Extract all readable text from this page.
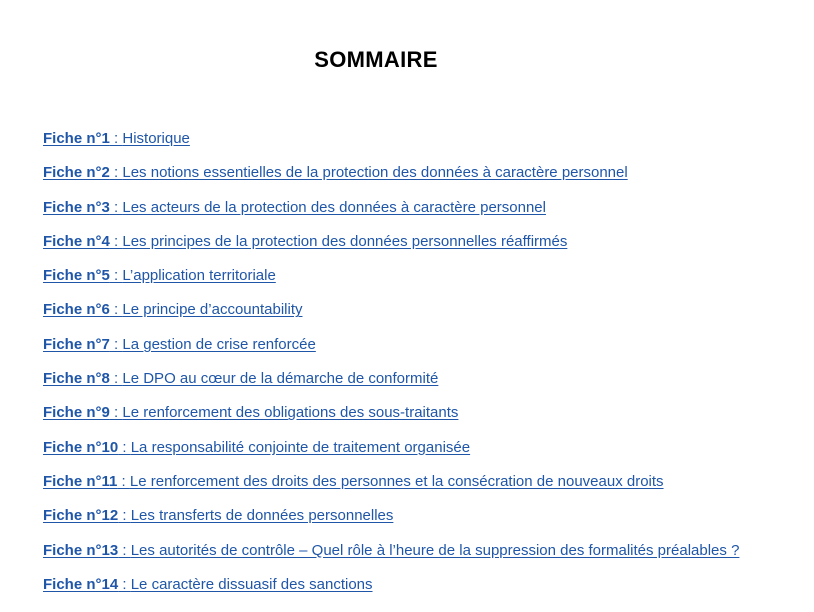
SOMMAIRE
Fiche n°1 : Historique
Fiche n°2 : Les notions essentielles de la protection des données à caractère personnel
Fiche n°3 : Les acteurs de la protection des données à caractère personnel
Fiche n°4 : Les principes de la protection des données personnelles réaffirmés
Fiche n°5 : L’application territoriale
Fiche n°6 : Le principe d’accountability
Fiche n°7 : La gestion de crise renforcée
Fiche n°8 : Le DPO au cœur de la démarche de conformité
Fiche n°9 : Le renforcement des obligations des sous-traitants
Fiche n°10 : La responsabilité conjointe de traitement organisée
Fiche n°11 : Le renforcement des droits des personnes et la consécration de nouveaux droits
Fiche n°12 : Les transferts de données personnelles
Fiche n°13 : Les autorités de contrôle – Quel rôle à l’heure de la suppression des formalités préalables ?
Fiche n°14 : Le caractère dissuasif des sanctions
